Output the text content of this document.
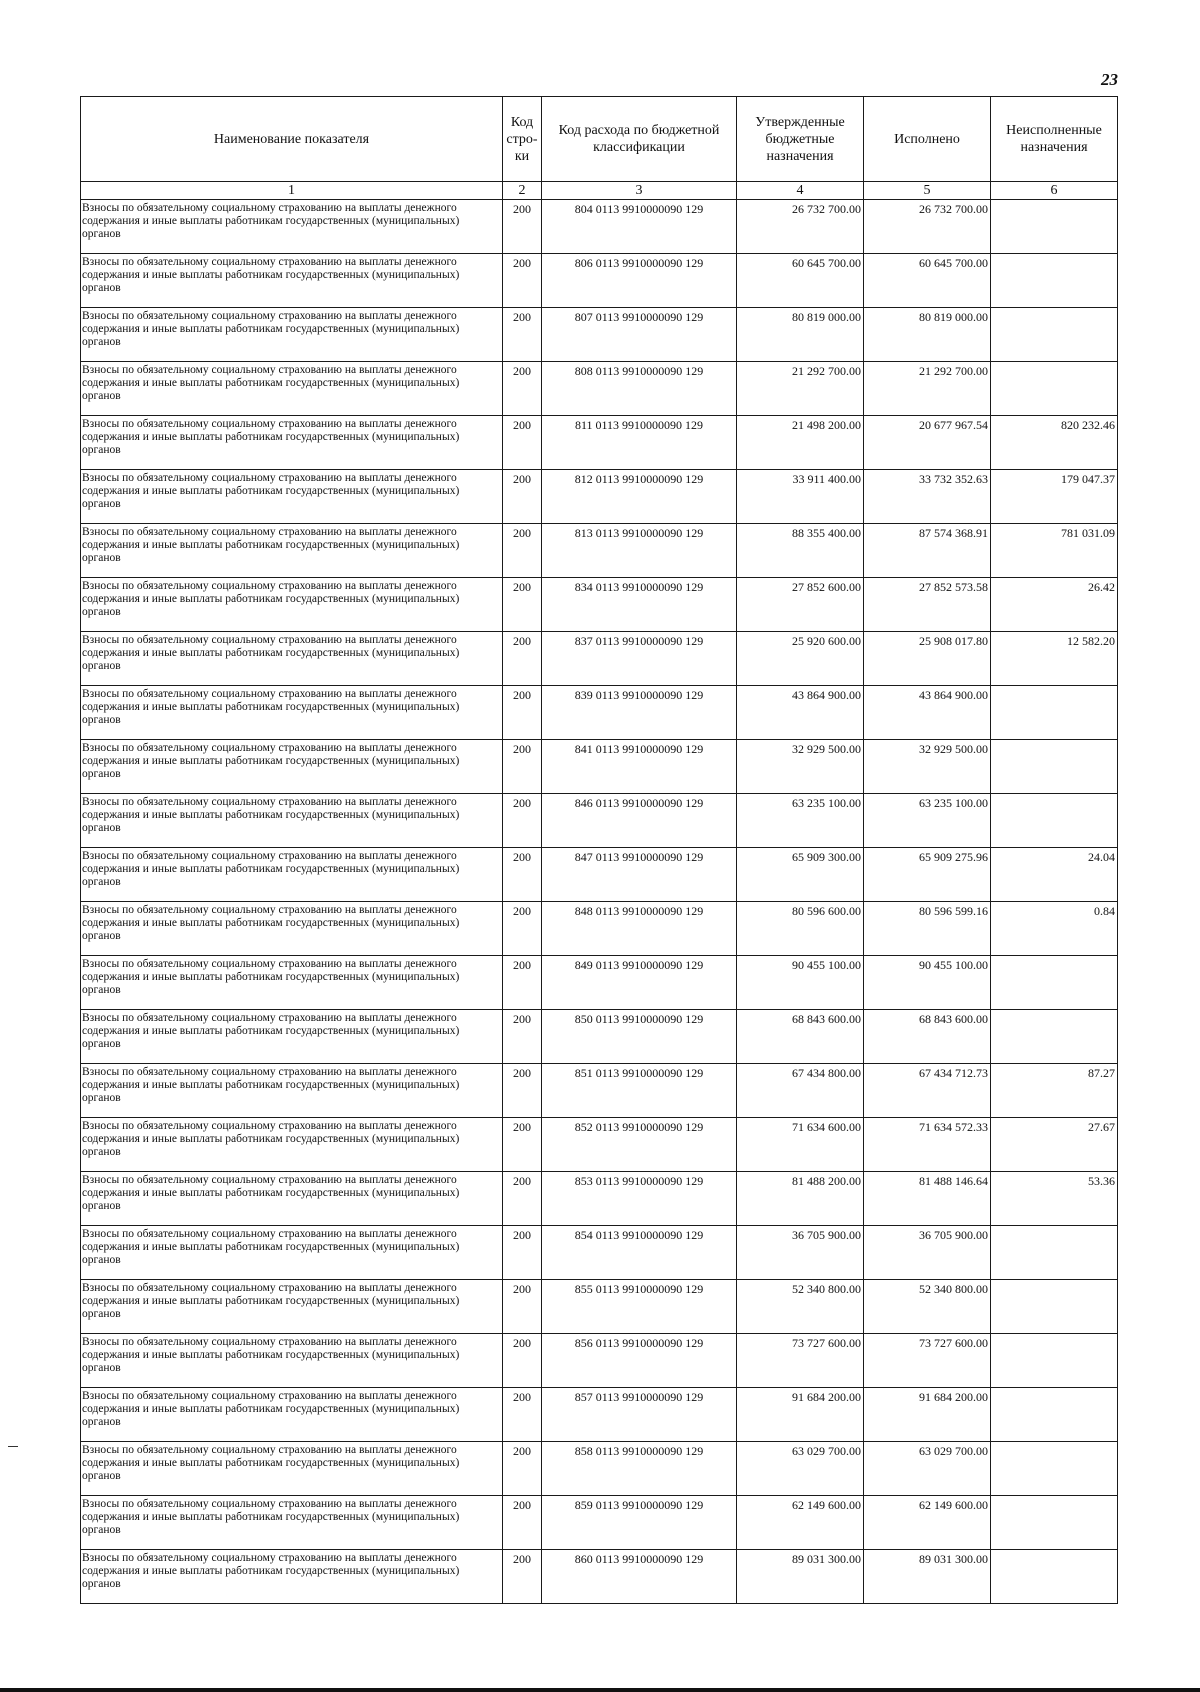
23
Наименование показателя	Код стро-ки	Код расхода по бюджетной классификации	Утвержденные бюджетные назначения	Исполнено	Неисполненные назначения
1	2	3	4	5	6
Взносы по обязательному социальному страхованию на выплаты денежного содержания и иные выплаты работникам государственных (муниципальных) органов	200	804 0113 9910000090 129	26 732 700.00	26 732 700.00	
Взносы по обязательному социальному страхованию на выплаты денежного содержания и иные выплаты работникам государственных (муниципальных) органов	200	806 0113 9910000090 129	60 645 700.00	60 645 700.00	
Взносы по обязательному социальному страхованию на выплаты денежного содержания и иные выплаты работникам государственных (муниципальных) органов	200	807 0113 9910000090 129	80 819 000.00	80 819 000.00	
Взносы по обязательному социальному страхованию на выплаты денежного содержания и иные выплаты работникам государственных (муниципальных) органов	200	808 0113 9910000090 129	21 292 700.00	21 292 700.00	
Взносы по обязательному социальному страхованию на выплаты денежного содержания и иные выплаты работникам государственных (муниципальных) органов	200	811 0113 9910000090 129	21 498 200.00	20 677 967.54	820 232.46
Взносы по обязательному социальному страхованию на выплаты денежного содержания и иные выплаты работникам государственных (муниципальных) органов	200	812 0113 9910000090 129	33 911 400.00	33 732 352.63	179 047.37
Взносы по обязательному социальному страхованию на выплаты денежного содержания и иные выплаты работникам государственных (муниципальных) органов	200	813 0113 9910000090 129	88 355 400.00	87 574 368.91	781 031.09
Взносы по обязательному социальному страхованию на выплаты денежного содержания и иные выплаты работникам государственных (муниципальных) органов	200	834 0113 9910000090 129	27 852 600.00	27 852 573.58	26.42
Взносы по обязательному социальному страхованию на выплаты денежного содержания и иные выплаты работникам государственных (муниципальных) органов	200	837 0113 9910000090 129	25 920 600.00	25 908 017.80	12 582.20
Взносы по обязательному социальному страхованию на выплаты денежного содержания и иные выплаты работникам государственных (муниципальных) органов	200	839 0113 9910000090 129	43 864 900.00	43 864 900.00	
Взносы по обязательному социальному страхованию на выплаты денежного содержания и иные выплаты работникам государственных (муниципальных) органов	200	841 0113 9910000090 129	32 929 500.00	32 929 500.00	
Взносы по обязательному социальному страхованию на выплаты денежного содержания и иные выплаты работникам государственных (муниципальных) органов	200	846 0113 9910000090 129	63 235 100.00	63 235 100.00	
Взносы по обязательному социальному страхованию на выплаты денежного содержания и иные выплаты работникам государственных (муниципальных) органов	200	847 0113 9910000090 129	65 909 300.00	65 909 275.96	24.04
Взносы по обязательному социальному страхованию на выплаты денежного содержания и иные выплаты работникам государственных (муниципальных) органов	200	848 0113 9910000090 129	80 596 600.00	80 596 599.16	0.84
Взносы по обязательному социальному страхованию на выплаты денежного содержания и иные выплаты работникам государственных (муниципальных) органов	200	849 0113 9910000090 129	90 455 100.00	90 455 100.00	
Взносы по обязательному социальному страхованию на выплаты денежного содержания и иные выплаты работникам государственных (муниципальных) органов	200	850 0113 9910000090 129	68 843 600.00	68 843 600.00	
Взносы по обязательному социальному страхованию на выплаты денежного содержания и иные выплаты работникам государственных (муниципальных) органов	200	851 0113 9910000090 129	67 434 800.00	67 434 712.73	87.27
Взносы по обязательному социальному страхованию на выплаты денежного содержания и иные выплаты работникам государственных (муниципальных) органов	200	852 0113 9910000090 129	71 634 600.00	71 634 572.33	27.67
Взносы по обязательному социальному страхованию на выплаты денежного содержания и иные выплаты работникам государственных (муниципальных) органов	200	853 0113 9910000090 129	81 488 200.00	81 488 146.64	53.36
Взносы по обязательному социальному страхованию на выплаты денежного содержания и иные выплаты работникам государственных (муниципальных) органов	200	854 0113 9910000090 129	36 705 900.00	36 705 900.00	
Взносы по обязательному социальному страхованию на выплаты денежного содержания и иные выплаты работникам государственных (муниципальных) органов	200	855 0113 9910000090 129	52 340 800.00	52 340 800.00	
Взносы по обязательному социальному страхованию на выплаты денежного содержания и иные выплаты работникам государственных (муниципальных) органов	200	856 0113 9910000090 129	73 727 600.00	73 727 600.00	
Взносы по обязательному социальному страхованию на выплаты денежного содержания и иные выплаты работникам государственных (муниципальных) органов	200	857 0113 9910000090 129	91 684 200.00	91 684 200.00	
Взносы по обязательному социальному страхованию на выплаты денежного содержания и иные выплаты работникам государственных (муниципальных) органов	200	858 0113 9910000090 129	63 029 700.00	63 029 700.00	
Взносы по обязательному социальному страхованию на выплаты денежного содержания и иные выплаты работникам государственных (муниципальных) органов	200	859 0113 9910000090 129	62 149 600.00	62 149 600.00	
Взносы по обязательному социальному страхованию на выплаты денежного содержания и иные выплаты работникам государственных (муниципальных) органов	200	860 0113 9910000090 129	89 031 300.00	89 031 300.00	
